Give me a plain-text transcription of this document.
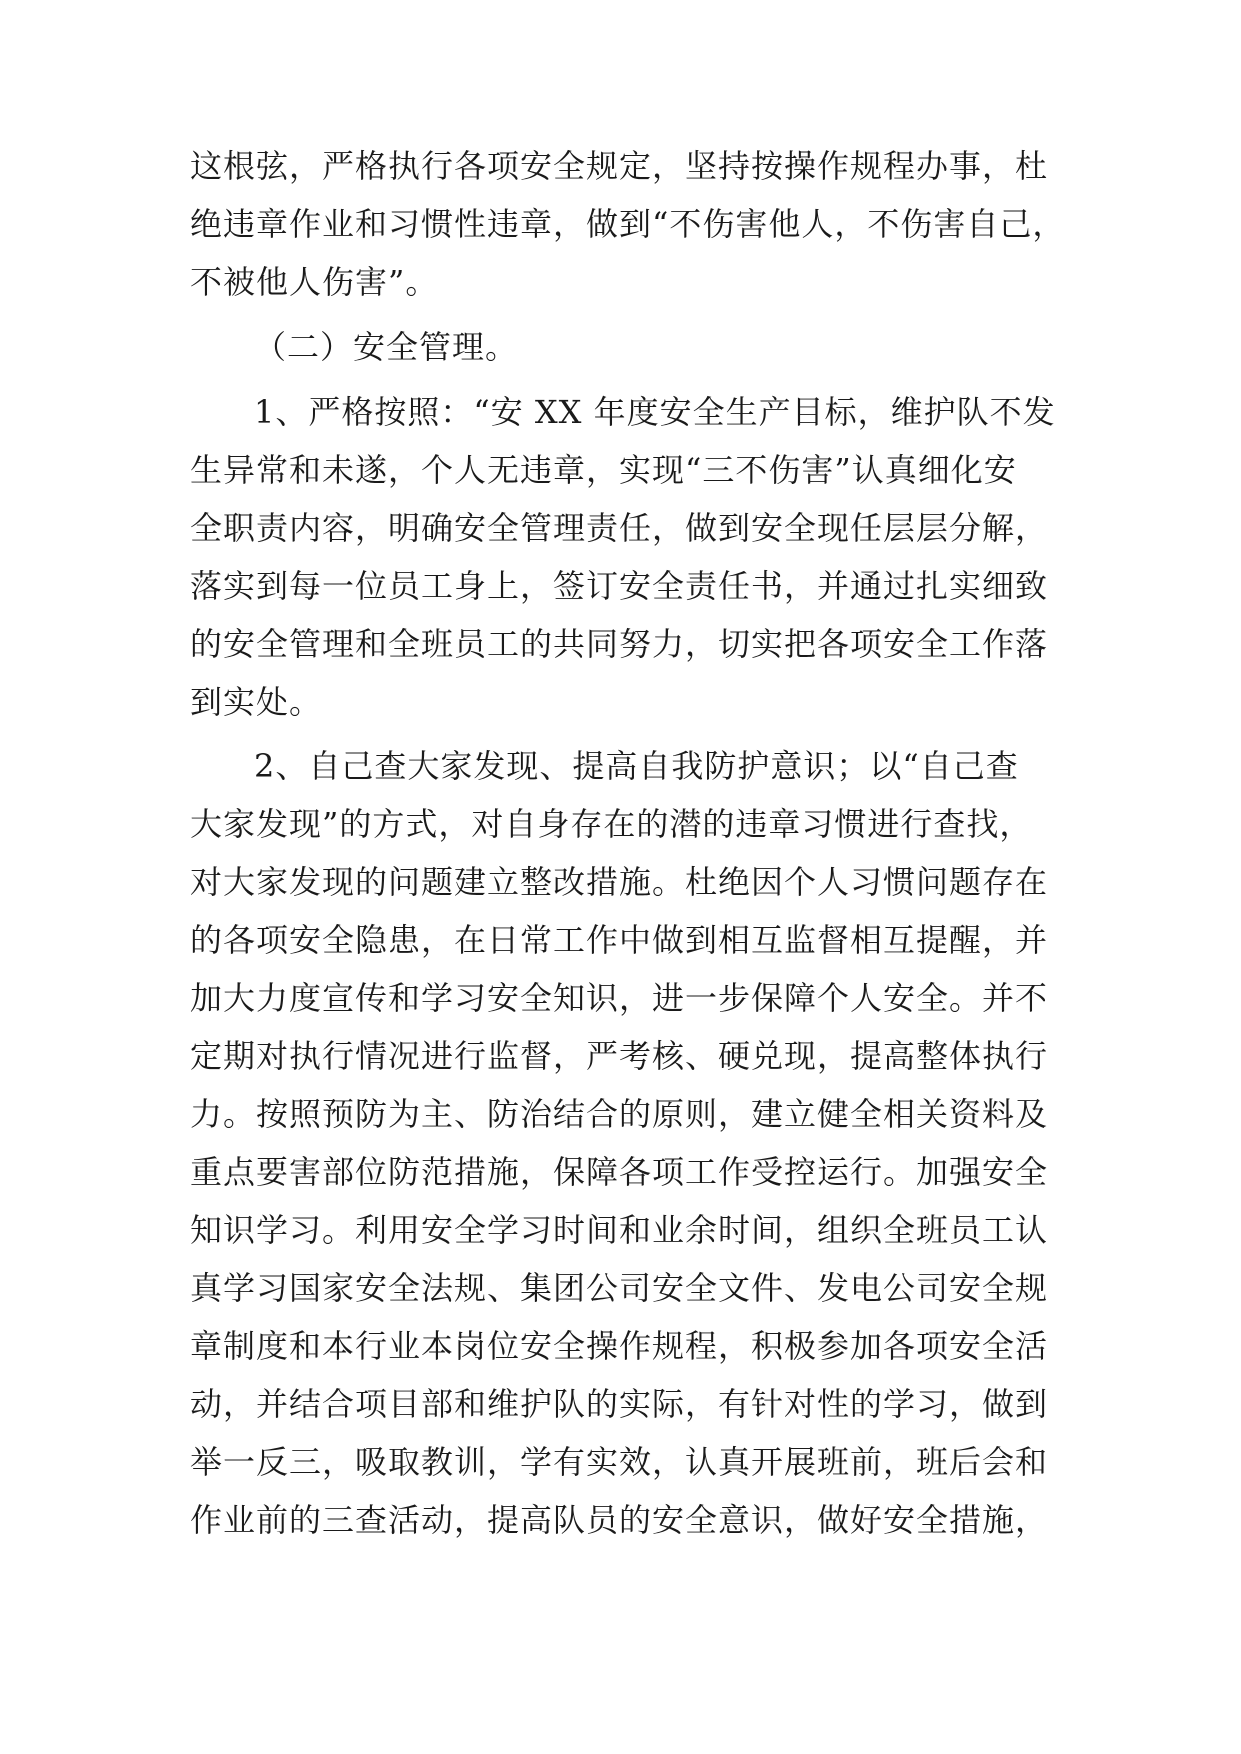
这根弦，严格执行各项安全规定，坚持按操作规程办事，杜
绝违章作业和习惯性违章，做到“不伤害他人，不伤害自己，
不被他人伤害”。
（二）安全管理。
1、严格按照：“安 XX 年度安全生产目标，维护队不发
生异常和未遂，个人无违章，实现“三不伤害”认真细化安
全职责内容，明确安全管理责任，做到安全现任层层分解，
落实到每一位员工身上，签订安全责任书，并通过扎实细致
的安全管理和全班员工的共同努力，切实把各项安全工作落
到实处。
2、自己查大家发现、提高自我防护意识；以“自己查
大家发现”的方式，对自身存在的潜的违章习惯进行查找，
对大家发现的问题建立整改措施。杜绝因个人习惯问题存在
的各项安全隐患，在日常工作中做到相互监督相互提醒，并
加大力度宣传和学习安全知识，进一步保障个人安全。并不
定期对执行情况进行监督，严考核、硬兑现，提高整体执行
力。按照预防为主、防治结合的原则，建立健全相关资料及
重点要害部位防范措施，保障各项工作受控运行。加强安全
知识学习。利用安全学习时间和业余时间，组织全班员工认
真学习国家安全法规、集团公司安全文件、发电公司安全规
章制度和本行业本岗位安全操作规程，积极参加各项安全活
动，并结合项目部和维护队的实际，有针对性的学习，做到
举一反三，吸取教训，学有实效，认真开展班前，班后会和
作业前的三查活动，提高队员的安全意识，做好安全措施，
